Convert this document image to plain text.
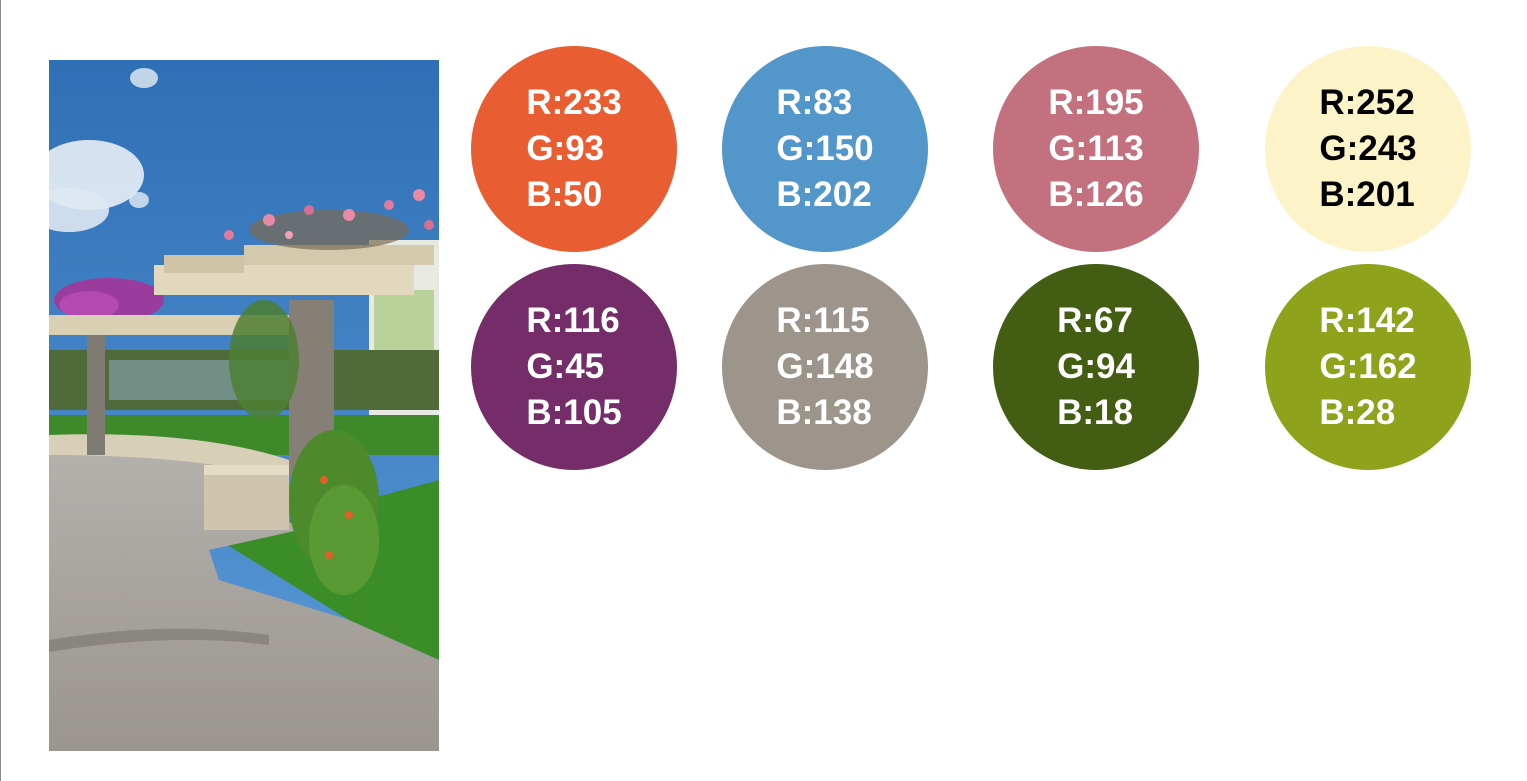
R:233
G:93
B:50
R:83
G:150
B:202
R:195
G:113
B:126
R:252
G:243
B:201
R:116
G:45
B:105
R:115
G:148
B:138
R:67
G:94
B:18
R:142
G:162
B:28
